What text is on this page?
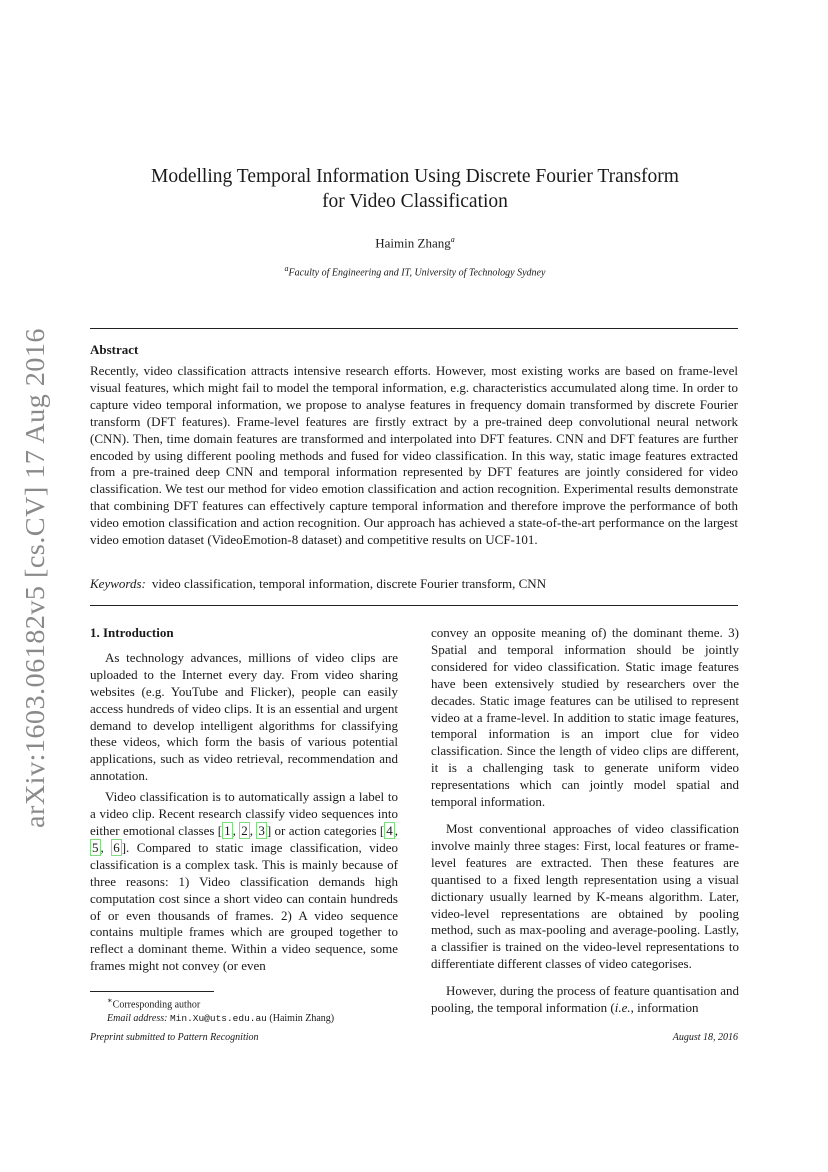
arXiv:1603.06182v5 [cs.CV] 17 Aug 2016
Modelling Temporal Information Using Discrete Fourier Transform
for Video Classification
Haimin Zhang$^a$
$^a$Faculty of Engineering and IT, University of Technology Sydney
Abstract
Recently, video classification attracts intensive research efforts. However, most existing works are based on frame-level visual features, which might fail to model the temporal information, e.g. characteristics accumulated along time. In order to capture video temporal information, we propose to analyse features in frequency domain transformed by discrete Fourier transform (DFT features). Frame-level features are firstly extract by a pre-trained deep convolutional neural network (CNN). Then, time domain features are transformed and interpolated into DFT features. CNN and DFT features are further encoded by using different pooling methods and fused for video classification. In this way, static image features extracted from a pre-trained deep CNN and temporal information represented by DFT features are jointly considered for video classification. We test our method for video emotion classification and action recognition. Experimental results demonstrate that combining DFT features can effectively capture temporal information and therefore improve the performance of both video emotion classification and action recognition. Our approach has achieved a state-of-the-art performance on the largest video emotion dataset (VideoEmotion-8 dataset) and competitive results on UCF-101.
Keywords: video classification, temporal information, discrete Fourier transform, CNN
1. Introduction

As technology advances, millions of video clips are uploaded to the Internet every day. From video sharing websites (e.g. YouTube and Flicker), people can easily access hundreds of video clips. It is an essential and urgent demand to develop intelligent algorithms for classifying these videos, which form the basis of various potential applications, such as video retrieval, recommendation and annotation.

Video classification is to automatically assign a label to a video clip. Recent research classify video sequences into either emotional classes [ 1 , 2 , 3 ] or action categories [ 4 , 5 , 6 ]. Compared to static image classification, video classification is a complex task. This is mainly because of three reasons: 1) Video classification demands high computation cost since a short video can contain hundreds of or even thousands of frames. 2) A video sequence contains multiple frames which are grouped together to reflect a dominant theme. Within a video sequence, some frames might not convey (or even

convey an opposite meaning of) the dominant theme. 3) Spatial and temporal information should be jointly considered for video classification. Static image features have been extensively studied by researchers over the decades. Static image features can be utilised to represent video at a frame-level. In addition to static image features, temporal information is an import clue for video classification. Since the length of video clips are different, it is a challenging task to generate uniform video representations which can jointly model spatial and temporal information.

Most conventional approaches of video classification involve mainly three stages: First, local features or frame-level features are extracted. Then these features are quantised to a fixed length representation using a visual dictionary usually learned by K-means algorithm. Later, video-level representations are obtained by pooling method, such as max-pooling and average-pooling. Lastly, a classifier is trained on the video-level representations to differentiate different classes of video categorises.

However, during the process of feature quantisation and pooling, the temporal information (i.e., information

∗Corresponding author
Email address: Min.Xu@uts.edu.au (Haimin Zhang)
Preprint submitted to Pattern Recognition	August 18, 2016
